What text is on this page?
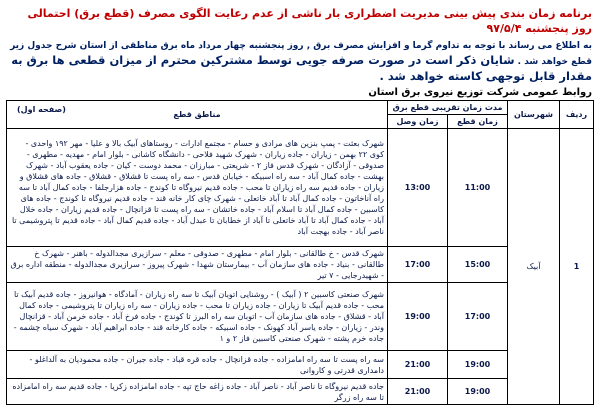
برنامه زمان بندی پیش بینی مدیریت اضطراری بار ناشی از عدم رعایت الگوی مصرف (قطع برق) احتمالی روز پنجشنبه ۹۷/۵/۴
به اطلاع می رساند با توجه به تداوم گرما و افزایش مصرف برق , روز پنجشنبه چهار مرداد ماه برق مناطقی از استان شرح جدول زیر قطع خواهد شد . شایان ذکر است در صورت صرفه جویی توسط مشترکین محترم از میزان قطعی ها برق به مقدار قابل توجهی کاسته خواهد شد .
روابط عمومی شرکت توزیع نیروی برق استان
ردیف	شهرستان	مدت زمان تقریبی قطع برق		مناطق قطع
(صفحه اول)

		زمان قطع	زمان وصل	
1	آبیک	11:00	13:00	شهرک بعثت - پمپ بنزین های مرادی و حسام - مجتمع ادارات - روستاهای آبیک بالا و علیا - مهر ۱۹۲ واحدی - کوی ۲۲ بهمن - زیاران - جاده زیاران - شهرک شهید فلاحی - دانشگاه کاشانی - بلوار امام - مهدیه - مطهری - صدوقی - آزادگان - شهرک قدس فاز ۲ - شریعتی - مبارزان - محمد دوست - کیان - جاده یعقوب آباد - شهرک بهشت - جاده کمال آباد - سه راه اسبیکه - خیابان قدس - سه راه پست تا قشلاق - قشلاق - جاده های قشلاق و زیاران - جاده قدیم سه راه زیاران تا محب - جاده قدیم نیروگاه تا کوندج - جاده هزارجلفا - جاده کمال آباد تا سه راه آناخاتون - جاده کمال آباد تا آباد خاتعلی - شهرک چای کار خانه قند - جاده قدیم نیروگاه تا کوندج - جاده های کاسبین - جاده کمال آباد تا اسلام آباد - جاده خاتشان - سه راه پست تا قزانچال - جاده قدیم زیاران - جاده خلال آباد - جاده کمال آباد تا آباد خاتعلی تا آباد از خطابان تا عبدل آباد - جاده قدیم کمال آباد - جاده قدیم تا پتروشیمی تا ناصر آباد - جاده بهجت آباد
		15:00	17:00	شهرک قدس - خ طالقانی - بلوار امام - مطهری - صدوقی - معلم - سرازیری مجدالدوله - باهنر - شهرک خ طالقانی - بنیاد - جاده های سازمان آب - بیمارستان شهدا - شهرک پیروز - سرازیری مجدالدوله - منطقه اداره برق - شهیدرجایی - ۷ تیر
		17:00	19:00	شهرک صنعتی کاسبین ۲ ( آبیک ) - روشنایی اتوبان آبیک تا سه راه زیاران - آمادگاه - هوانیروز - جاده قدیم آبیک تا محب - جاده قدیم آبیک تا زیاران - جاده زیاران تا محب - جاده زیاران - سه راه زیاران تا پتروشیمی - جاده کمال آباد - قشلاق - جاده های سازمان آب - اتوبان سه راه البرز تا کوندج - جاده فرخ آباد - جاده خرمن آباد - قزانچال وندر - زیاران - جاده یاسر آباد کهونک - جاده اسبیکه - جاده کارخانه قند - جاده ابراهیم آباد - شهرک سیاه چشمه - جاده خرم پشته - شهرک صنعتی کاسبین فاز ۲ و ۱
		19:00	21:00	سه راه پست تا سه راه امامزاده - جاده قزانچال - جاده قره قباد - جاده جیران - جاده محمودیان به آلداغلو - دامداری قدرتی و کاروانی
		19:00	21:00	جاده قدیم نیروگاه تا ناصر آباد - ناصر آباد - جاده زاغه حاج تپه - جاده امامزاده زکریا - جاده قدیم سه راه امامزاده تا سه راه زرگر
